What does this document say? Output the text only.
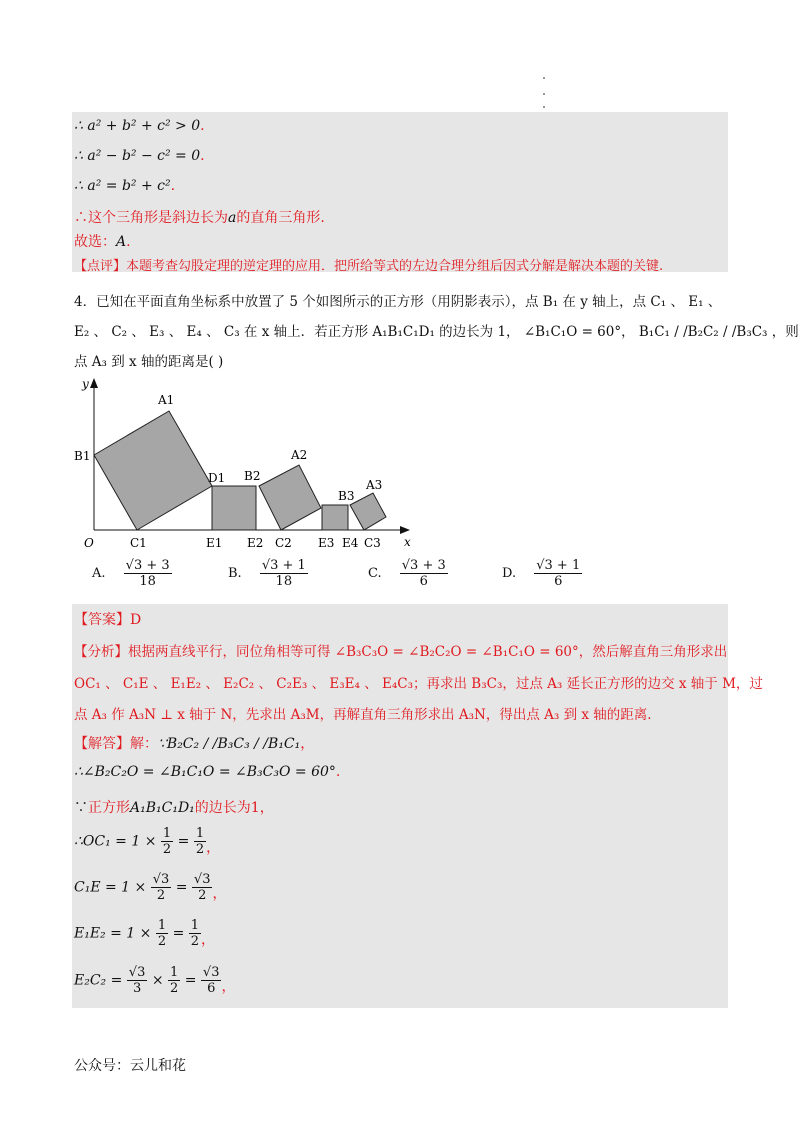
∴ a² + b² + c² > 0.
∴ a² − b² − c² = 0.
∴ a² = b² + c².
∴这个三角形是斜边长为a的直角三角形.
故选：A.
【点评】本题考查勾股定理的逆定理的应用．把所给等式的左边合理分组后因式分解是解决本题的关键.
4．已知在平面直角坐标系中放置了 5 个如图所示的正方形（用阴影表示），点 B₁ 在 y 轴上，点 C₁ 、 E₁ 、
E₂ 、 C₂ 、 E₃ 、 E₄ 、 C₃ 在 x 轴上．若正方形 A₁B₁C₁D₁ 的边长为 1， ∠B₁C₁O = 60°， B₁C₁ / /B₂C₂ / /B₃C₃ ，则
点 A₃ 到 x 轴的距离是( )
y
x
O
A1
B1
C1
D1
E1
B2
A2
E2 C2
B3
A3
E3 E4 C3
A. $\frac{√3 + 3}{18}$	B. $\frac{√3 + 1}{18}$	C. $\frac{√3 + 3}{6}$	D. $\frac{√3 + 1}{6}$
【答案】D
【分析】根据两直线平行，同位角相等可得 ∠B₃C₃O = ∠B₂C₂O = ∠B₁C₁O = 60°，然后解直角三角形求出
OC₁ 、 C₁E 、 E₁E₂ 、 E₂C₂ 、 C₂E₃ 、 E₃E₄ 、 E₄C₃；再求出 B₃C₃，过点 A₃ 延长正方形的边交 x 轴于 M，过
点 A₃ 作 A₃N ⊥ x 轴于 N，先求出 A₃M，再解直角三角形求出 A₃N，得出点 A₃ 到 x 轴的距离.
【解答】解：∵B₂C₂ / /B₃C₃ / /B₁C₁，
∴∠B₂C₂O = ∠B₁C₁O = ∠B₃C₃O = 60°.
∵正方形A₁B₁C₁D₁的边长为1，
∴OC₁ = $1 \times \frac{1}{2} = \frac{1}{2}$ ，
$C_1E = 1 \times \frac{√3}{2} = \frac{√3}{2}$ ，
$E_1E_2 = 1 \times \frac{1}{2} = \frac{1}{2}$ ，
$E_2C_2 = \frac{√3}{3} \times \frac{1}{2} = \frac{√3}{6}$ ，
公众号：云儿和花
